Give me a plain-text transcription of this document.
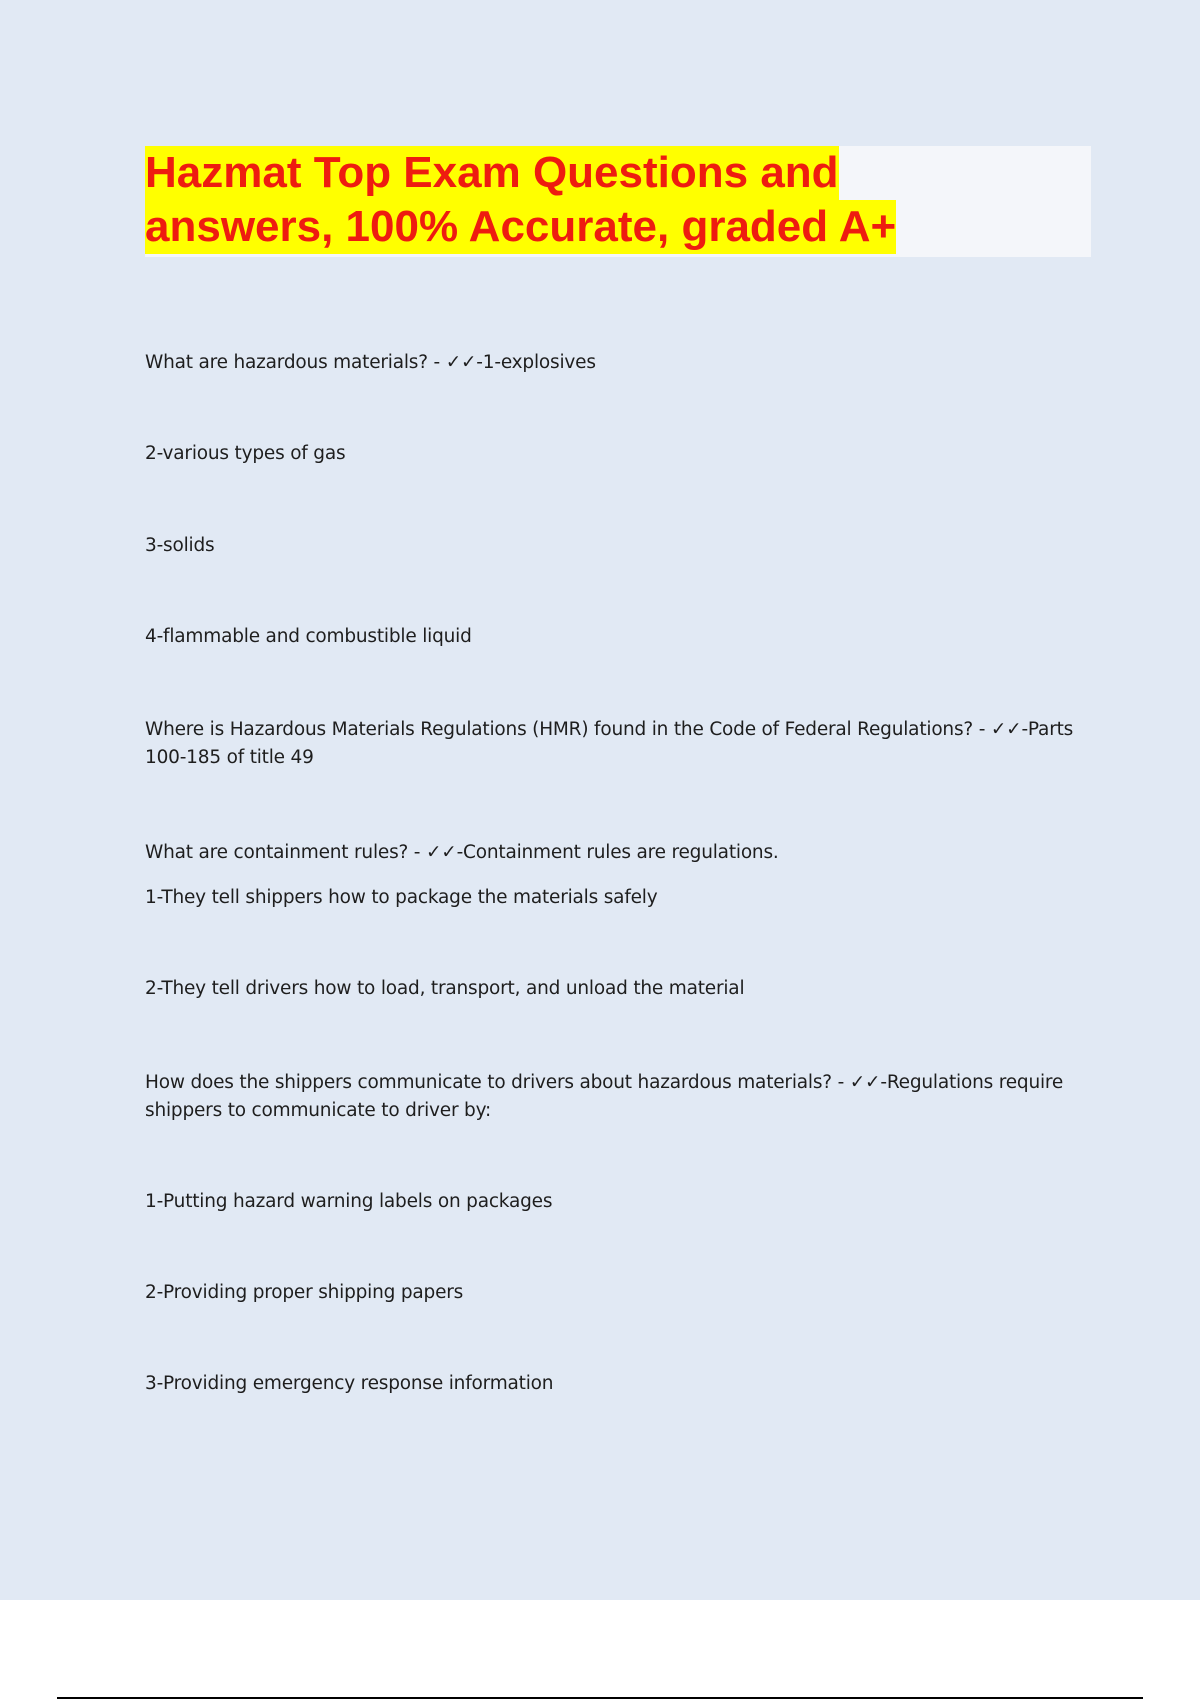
Hazmat Top Exam Questions and
answers, 100% Accurate, graded A+

What are hazardous materials? - ✓✓-1-explosives

2-various types of gas

3-solids

4-flammable and combustible liquid

Where is Hazardous Materials Regulations (HMR) found in the Code of Federal Regulations? - ✓✓-Parts 100-185 of title 49

What are containment rules? - ✓✓-Containment rules are regulations.

1-They tell shippers how to package the materials safely

2-They tell drivers how to load, transport, and unload the material

How does the shippers communicate to drivers about hazardous materials? - ✓✓-Regulations require shippers to communicate to driver by:

1-Putting hazard warning labels on packages

2-Providing proper shipping papers

3-Providing emergency response information
